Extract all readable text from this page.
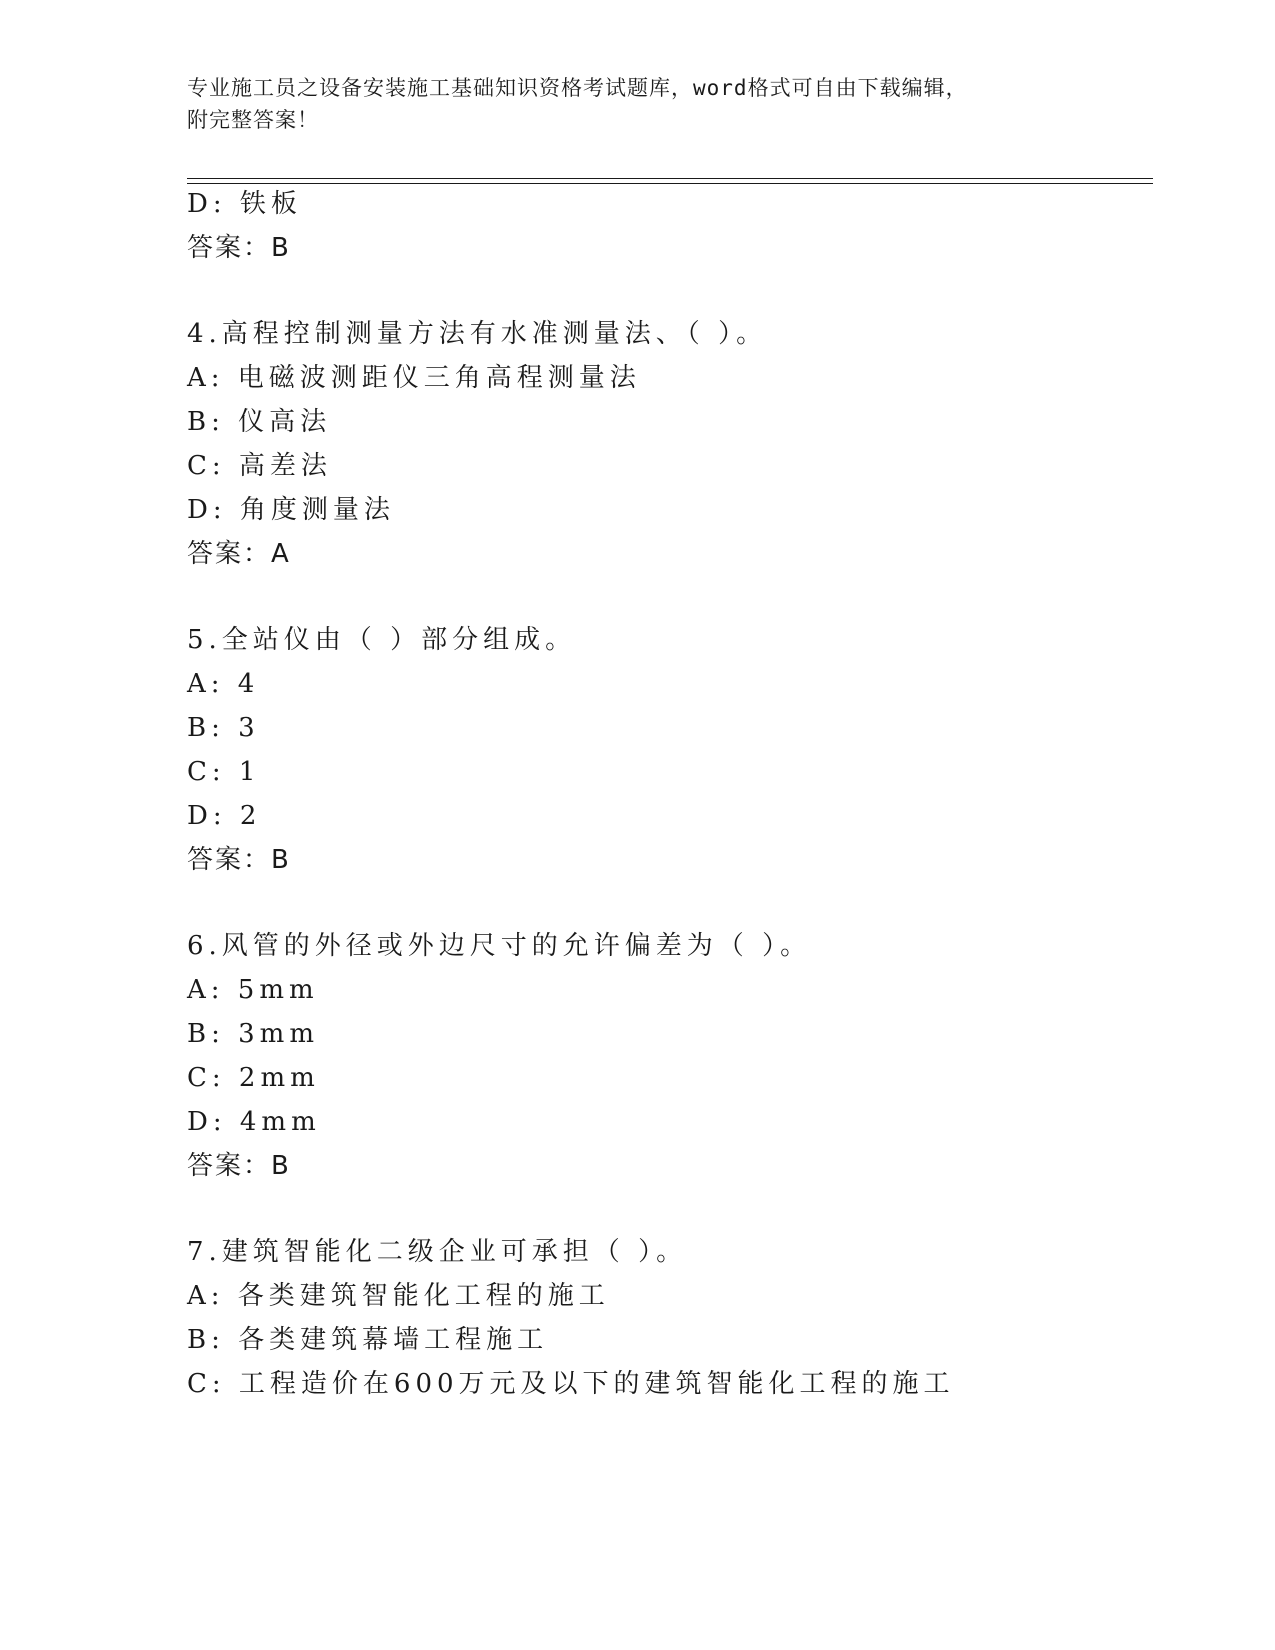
专业施工员之设备安装施工基础知识资格考试题库，word格式可自由下载编辑，
附完整答案！
D: 铁板
答案：B
4.高程控制测量方法有水准测量法、（ ）。
A: 电磁波测距仪三角高程测量法
B: 仪高法
C: 高差法
D: 角度测量法
答案：A
5.全站仪由（ ）部分组成。
A: 4
B: 3
C: 1
D: 2
答案：B
6.风管的外径或外边尺寸的允许偏差为（ ）。
A: 5mm
B: 3mm
C: 2mm
D: 4mm
答案：B
7.建筑智能化二级企业可承担（ ）。
A: 各类建筑智能化工程的施工
B: 各类建筑幕墙工程施工
C: 工程造价在600万元及以下的建筑智能化工程的施工
